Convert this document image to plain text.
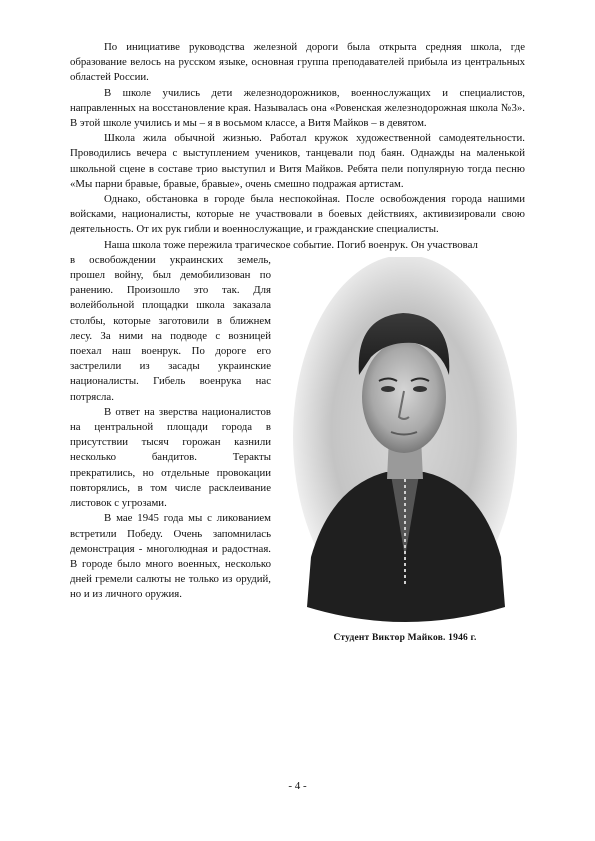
По инициативе руководства железной дороги была открыта средняя школа, где образование велось на русском языке, основная группа преподавателей прибыла из центральных областей России.

В школе учились дети железнодорожников, военнослужащих и специалистов, направленных на восстановление края. Называлась она «Ровенская железнодорожная школа №3». В этой школе учились и мы – я в восьмом классе, а Витя Майков – в девятом.

Школа жила обычной жизнью. Работал кружок художественной самодеятельности. Проводились вечера с выступлением учеников, танцевали под баян. Однажды на маленькой школьной сцене в составе трио выступил и Витя Майков. Ребята пели популярную тогда песню «Мы парни бравые, бравые, бравые», очень смешно подражая артистам.

Однако, обстановка в городе была неспокойная. После освобождения города нашими войсками, националисты, которые не участвовали в боевых действиях, активизировали свою деятельность. От их рук гибли и военнослужащие, и гражданские специалисты.

Наша школа тоже пережила трагическое событие. Погиб военрук. Он участвовал

Студент Виктор Майков. 1946 г.

в освобождении украинских земель, прошел войну, был демобилизован по ранению. Произошло это так. Для волейбольной площадки школа заказала столбы, которые заготовили в ближнем лесу. За ними на подводе с возницей поехал наш военрук. По дороге его застрелили из засады украинские националисты. Гибель военрука нас потрясла.

В ответ на зверства националистов на центральной площади города в присутствии тысяч горожан казнили несколько бандитов. Теракты прекратились, но отдельные провокации повторялись, в том числе расклеивание листовок с угрозами.

В мае 1945 года мы с ликованием встретили Победу. Очень запомнилась демонстрация - многолюдная и радостная. В городе было много военных, несколько дней гремели салюты не только из орудий, но и из личного оружия.

- 4 -
